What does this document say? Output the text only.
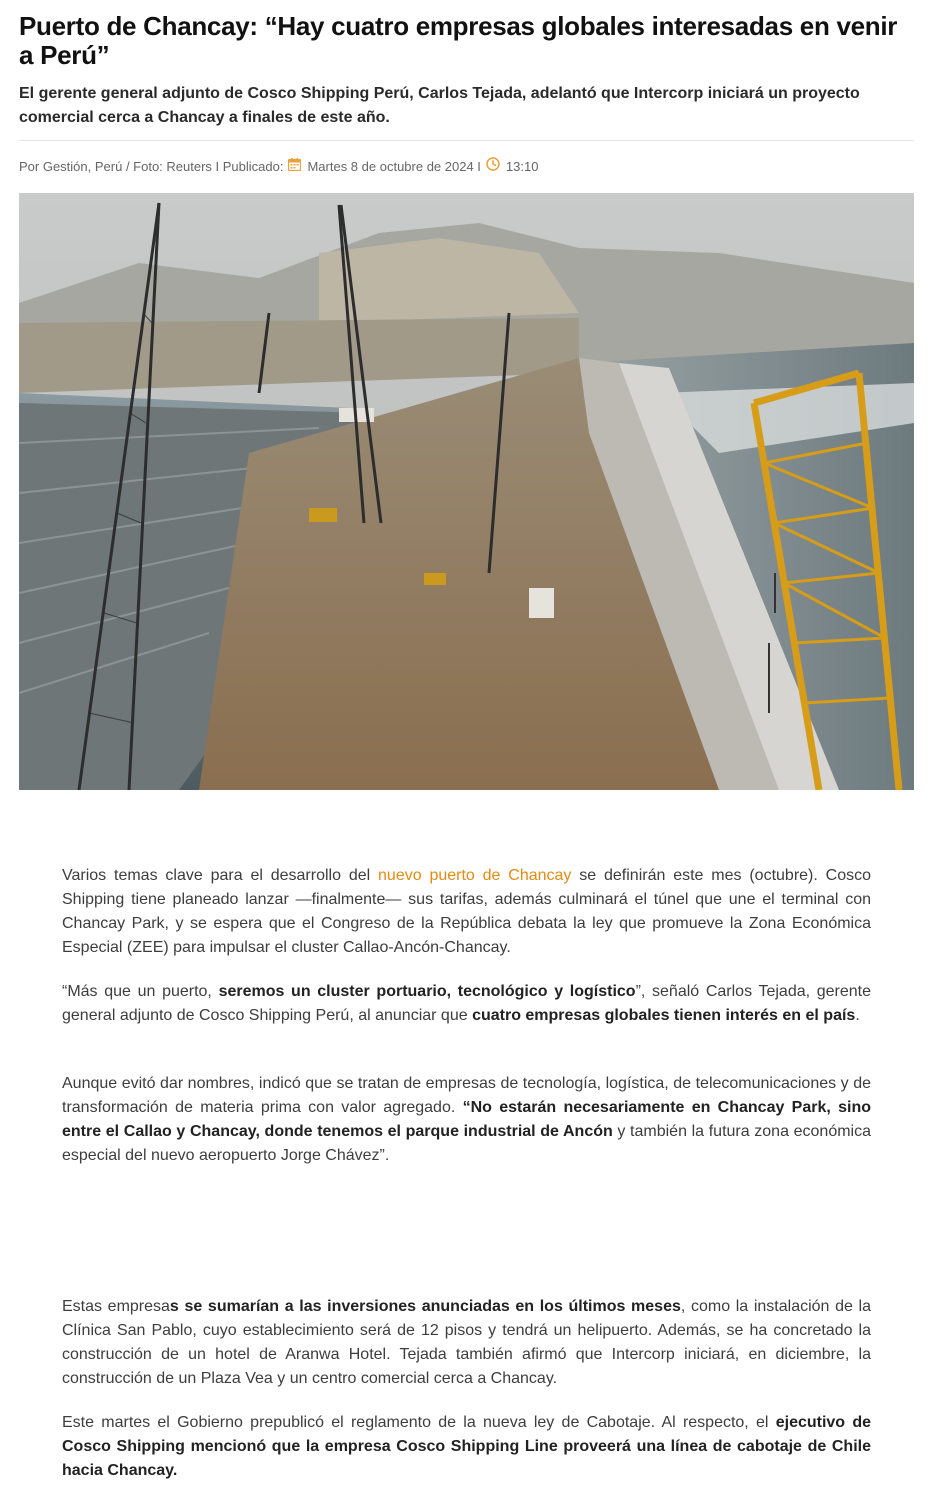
Puerto de Chancay: “Hay cuatro empresas globales interesadas en venir a Perú”
El gerente general adjunto de Cosco Shipping Perú, Carlos Tejada, adelantó que Intercorp iniciará un proyecto comercial cerca a Chancay a finales de este año.
Por Gestión, Perú / Foto: Reuters I Publicado: Martes 8 de octubre de 2024 I 13:10

Varios temas clave para el desarrollo del nuevo puerto de Chancay se definirán este mes (octubre). Cosco Shipping tiene planeado lanzar —finalmente— sus tarifas, además culminará el túnel que une el terminal con Chancay Park, y se espera que el Congreso de la República debata la ley que promueve la Zona Económica Especial (ZEE) para impulsar el cluster Callao-Ancón-Chancay.

“Más que un puerto, seremos un cluster portuario, tecnológico y logístico”, señaló Carlos Tejada, gerente general adjunto de Cosco Shipping Perú, al anunciar que cuatro empresas globales tienen interés en el país.

Aunque evitó dar nombres, indicó que se tratan de empresas de tecnología, logística, de telecomunicaciones y de transformación de materia prima con valor agregado. “No estarán necesariamente en Chancay Park, sino entre el Callao y Chancay, donde tenemos el parque industrial de Ancón y también la futura zona económica especial del nuevo aeropuerto Jorge Chávez”.

Estas empresas se sumarían a las inversiones anunciadas en los últimos meses, como la instalación de la Clínica San Pablo, cuyo establecimiento será de 12 pisos y tendrá un helipuerto. Además, se ha concretado la construcción de un hotel de Aranwa Hotel. Tejada también afirmó que Intercorp iniciará, en diciembre, la construcción de un Plaza Vea y un centro comercial cerca a Chancay.

Este martes el Gobierno prepublicó el reglamento de la nueva ley de Cabotaje. Al respecto, el ejecutivo de Cosco Shipping mencionó que la empresa Cosco Shipping Line proveerá una línea de cabotaje de Chile hacia Chancay.
